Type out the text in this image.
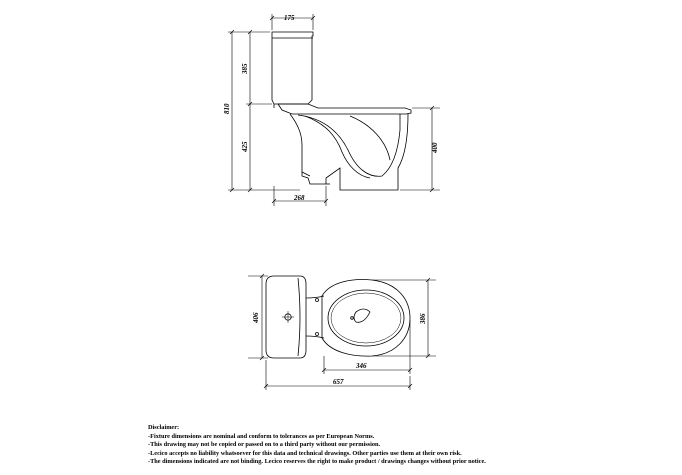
175
385
810
425	400
268
406	386
346
657
Disclaimer:
-Fixture dimensions are nominal and conform to tolerances as per European Norms.
-This drawing may not be copied or passed on to a third party without our permission.
-Lecico accepts no liability whatsoever for this data and technical drawings. Other parties use them at their own risk.
-The dimensions indicated are not binding. Lecico reserves the right to make product / drawings changes without prior notice.
